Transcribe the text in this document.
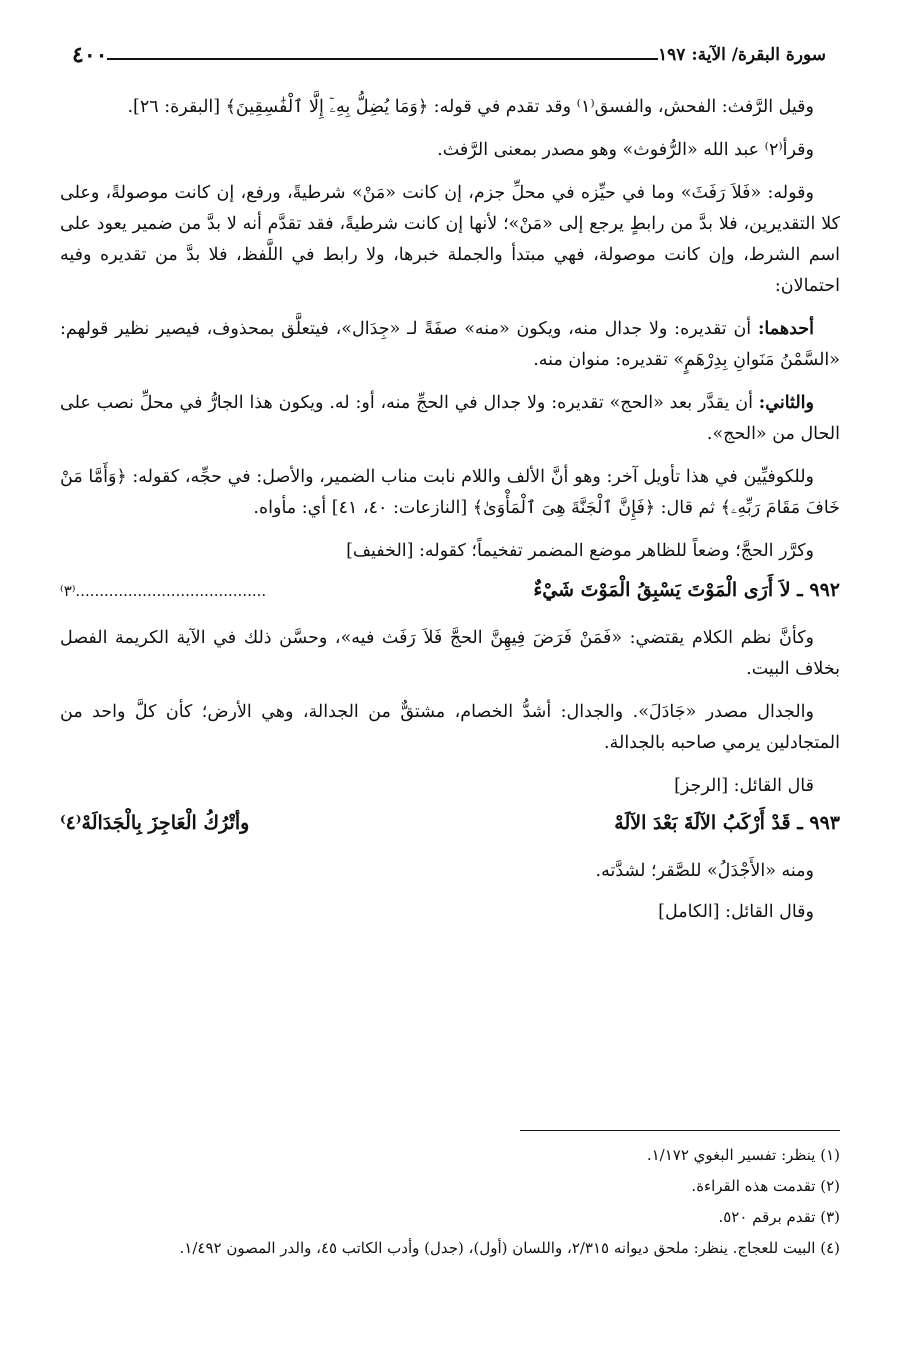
سورة البقرة/ الآية: ١٩٧
٤٠٠

وقيل الرَّفث: الفحش، والفسق⁽١⁾ وقد تقدم في قوله: ﴿وَمَا يُضِلُّ بِهِۦٓ إِلَّا ٱلْفَٰسِقِينَ﴾ [البقرة: ٢٦].

وقرأ⁽٢⁾ عبد الله «الرُّفوث» وهو مصدر بمعنى الرَّفث.

وقوله: «فَلاَ رَفَثَ» وما في حيِّزه في محلِّ جزم، إن كانت «مَنْ» شرطيةً، ورفع، إن كانت موصولةً، وعلى كلا التقديرين، فلا بدَّ من رابطٍ يرجع إلى «مَنْ»؛ لأنها إن كانت شرطيةً، فقد تقدَّم أنه لا بدَّ من ضمير يعود على اسم الشرط، وإن كانت موصولة، فهي مبتدأ والجملة خبرها، ولا رابط في اللَّفظ، فلا بدَّ من تقديره وفيه احتمالان:

أحدهما: أن تقديره: ولا جدال منه، ويكون «منه» صفَةً لـ «جِدَال»، فيتعلَّق بمحذوف، فيصير نظير قولهم: «السَّمْنُ مَنَوانِ بِدِرْهَمٍ» تقديره: منوان منه.

والثاني: أن يقدَّر بعد «الحج» تقديره: ولا جدال في الحجِّ منه، أو: له. ويكون هذا الجارُّ في محلِّ نصب على الحال من «الحج».

وللكوفيِّين في هذا تأويل آخر: وهو أنَّ الألف واللام نابت مناب الضمير، والأصل: في حجِّه، كقوله: ﴿وَأَمَّا مَنْ خَافَ مَقَامَ رَبِّهِۦ﴾ ثم قال: ﴿فَإِنَّ ٱلْجَنَّةَ هِىَ ٱلْمَأْوَىٰ﴾ [النازعات: ٤٠، ٤١] أي: مأواه.

وكرَّر الحجَّ؛ وضعاً للظاهر موضع المضمر تفخيماً؛ كقوله: [الخفيف]

٩٩٢ ـ لاَ أَرَى الْمَوْتَ يَسْبِقُ الْمَوْتَ شَيْءٌ
........................................⁽٣⁾

وكأنَّ نظم الكلام يقتضي: «فَمَنْ فَرَضَ فِيهِنَّ الحجَّ فَلاَ رَفَث فيه»، وحسَّن ذلك في الآية الكريمة الفصل بخلاف البيت.

والجدال مصدر «جَادَلَ». والجدال: أشدُّ الخصام، مشتقٌّ من الجدالة، وهي الأرض؛ كأن كلَّ واحد من المتجادلين يرمي صاحبه بالجدالة.

قال القائل: [الرجز]

٩٩٣ ـ قَدْ أَرْكَبُ الآلَةَ بَعْدَ الآلَهْ
وأتْرُكُ الْعَاجِزَ بِالْجَدَالَهْ⁽٤⁾

ومنه «الأَجْدَلُ» للصَّقر؛ لشدَّته.

وقال القائل: [الكامل]

(١) ينظر: تفسير البغوي ١/١٧٢.

(٢) تقدمت هذه القراءة.

(٣) تقدم برقم ٥٢٠.

(٤) البيت للعجاج. ينظر: ملحق ديوانه ٢/٣١٥، واللسان (أول)، (جدل) وأدب الكاتب ٤٥، والدر المصون ١/٤٩٢.
